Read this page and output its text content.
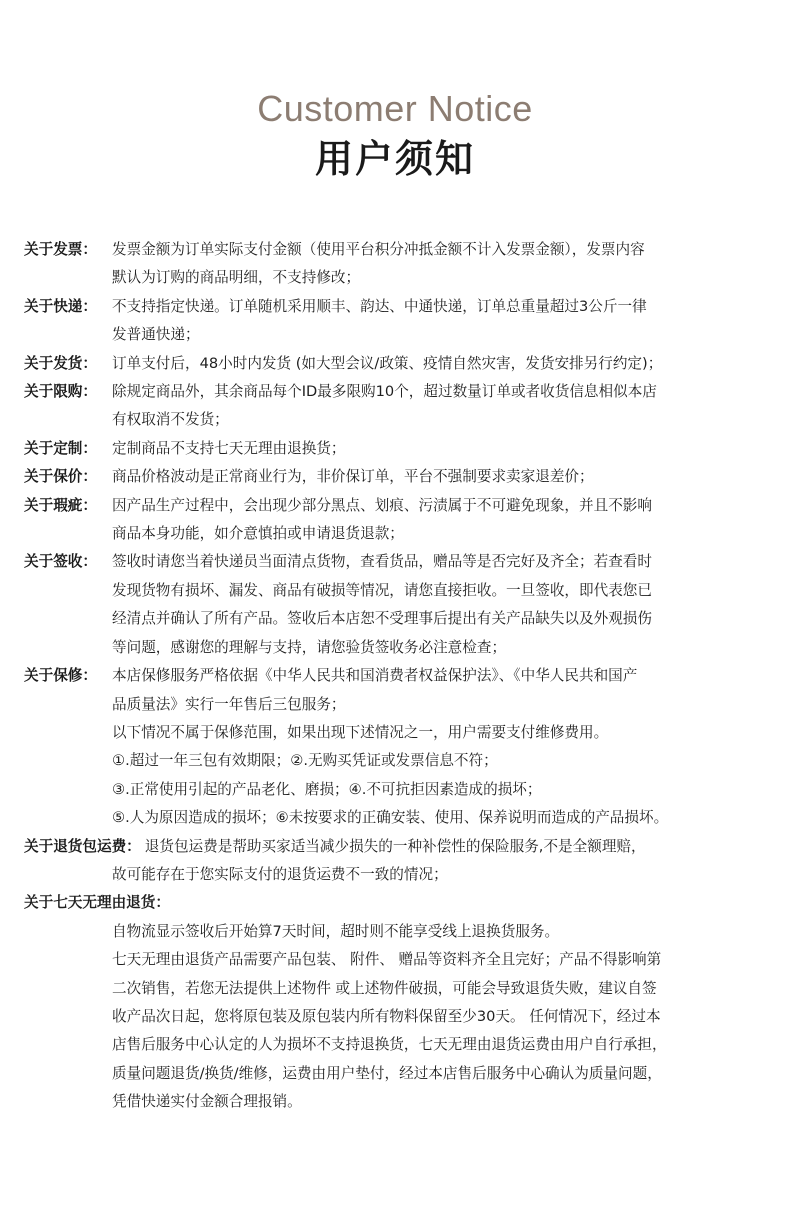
Customer Notice
用户须知
关于发票：	发票金额为订单实际支付金额（使用平台积分冲抵金额不计入发票金额），发票内容
默认为订购的商品明细，不支持修改；
关于快递：	不支持指定快递。订单随机采用顺丰、韵达、中通快递，订单总重量超过3公斤一律
发普通快递；
关于发货：	订单支付后，48小时内发货 (如大型会议/政策、疫情自然灾害，发货安排另行约定)；
关于限购：	除规定商品外，其余商品每个ID最多限购10个，超过数量订单或者收货信息相似本店
有权取消不发货；
关于定制：	定制商品不支持七天无理由退换货；
关于保价：	商品价格波动是正常商业行为，非价保订单，平台不强制要求卖家退差价；
关于瑕疵：	因产品生产过程中，会出现少部分黑点、划痕、污渍属于不可避免现象，并且不影响
商品本身功能，如介意慎拍或申请退货退款；
关于签收：	签收时请您当着快递员当面清点货物，查看货品，赠品等是否完好及齐全；若查看时
发现货物有损坏、漏发、商品有破损等情况，请您直接拒收。一旦签收，即代表您已
经清点并确认了所有产品。签收后本店恕不受理事后提出有关产品缺失以及外观损伤
等问题，感谢您的理解与支持，请您验货签收务必注意检查；
关于保修：	本店保修服务严格依据《中华人民共和国消费者权益保护法》、《中华人民共和国产
品质量法》实行一年售后三包服务；
以下情况不属于保修范围，如果出现下述情况之一，用户需要支付维修费用。
①.超过一年三包有效期限；②.无购买凭证或发票信息不符；
③.正常使用引起的产品老化、磨损；④.不可抗拒因素造成的损坏；
⑤.人为原因造成的损坏；⑥未按要求的正确安装、使用、保养说明而造成的产品损坏。
关于退货包运费： 退货包运费是帮助买家适当减少损失的一种补偿性的保险服务,不是全额理赔，
故可能存在于您实际支付的退货运费不一致的情况；
关于七天无理由退货：
自物流显示签收后开始算7天时间，超时则不能享受线上退换货服务。
七天无理由退货产品需要产品包装、 附件、 赠品等资料齐全且完好；产品不得影响第
二次销售，若您无法提供上述物件 或上述物件破损，可能会导致退货失败，建议自签
收产品次日起，您将原包装及原包装内所有物料保留至少30天。 任何情况下，经过本
店售后服务中心认定的人为损坏不支持退换货，七天无理由退货运费由用户自行承担，
质量问题退货/换货/维修，运费由用户垫付，经过本店售后服务中心确认为质量问题，
凭借快递实付金额合理报销。
